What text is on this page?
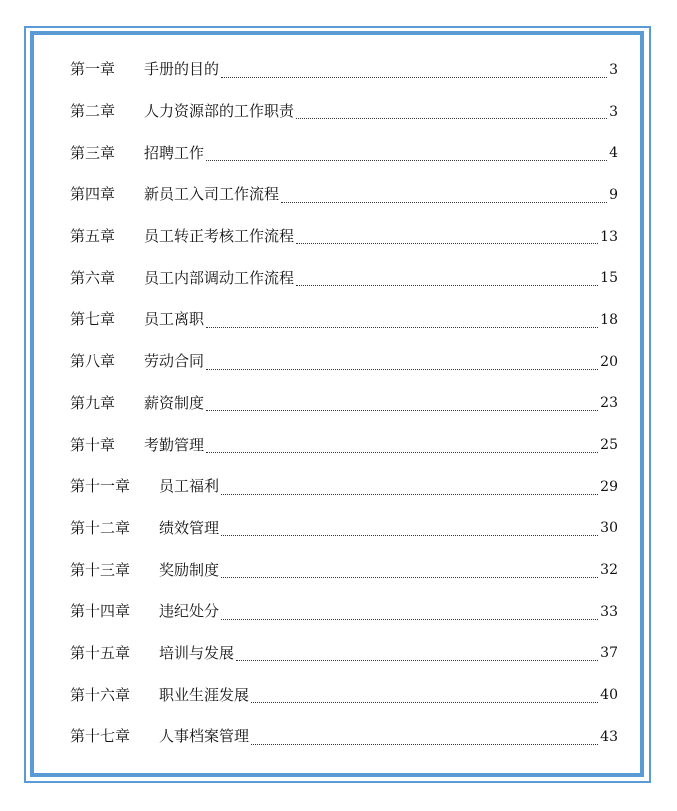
第一章	手册的目的	3
第二章	人力资源部的工作职责	3
第三章	招聘工作	4
第四章	新员工入司工作流程	9
第五章	员工转正考核工作流程	13
第六章	员工内部调动工作流程	15
第七章	员工离职	18
第八章	劳动合同	20
第九章	薪资制度	23
第十章	考勤管理	25
第十一章	员工福利	29
第十二章	绩效管理	30
第十三章	奖励制度	32
第十四章	违纪处分	33
第十五章	培训与发展	37
第十六章	职业生涯发展	40
第十七章	人事档案管理	43
